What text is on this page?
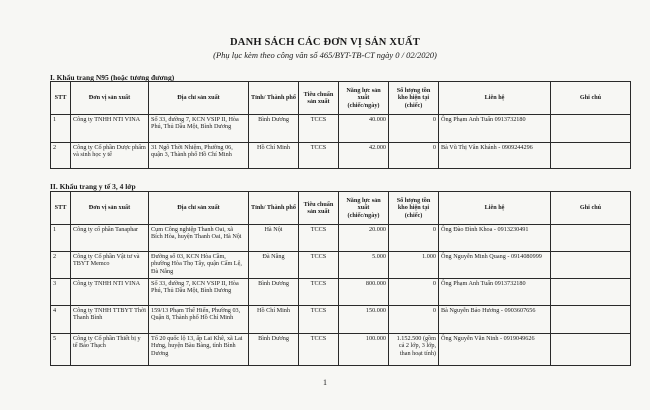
DANH SÁCH CÁC ĐƠN VỊ SẢN XUẤT
(Phụ lục kèm theo công văn số 465/BYT-TB-CT ngày 0 / 02/2020)
I. Khẩu trang N95 (hoặc tương đương)
STT	Đơn vị sản xuất	Địa chỉ sản xuất	Tỉnh/ Thành phố	Tiêu chuẩn sản xuất	Năng lực sản xuất (chiếc/ngày)	Số lượng tồn kho hiện tại (chiếc)	Liên hệ	Ghi chú
1	Công ty TNHH NTI VINA	Số 33, đường 7, KCN VSIP II, Hòa Phú, Thủ Dầu Một, Bình Dương	Bình Dương	TCCS	40.000	0	Ông Phạm Anh Tuấn 0913732180	
2	Công ty Cổ phần Dược phẩm và sinh học y tế	31 Ngô Thời Nhiệm, Phường 06, quận 3, Thành phố Hồ Chí Minh	Hồ Chí Minh	TCCS	42.000	0	Bà Vũ Thị Vân Khánh - 0909244296	
II. Khẩu trang y tế 3, 4 lớp
STT	Đơn vị sản xuất	Địa chỉ sản xuất	Tỉnh/ Thành phố	Tiêu chuẩn sản xuất	Năng lực sản xuất (chiếc/ngày)	Số lượng tồn kho hiện tại (chiếc)	Liên hệ	Ghi chú
1	Công ty cổ phần Tanaphar	Cụm Công nghiệp Thanh Oai, xã Bích Hòa, huyện Thanh Oai, Hà Nội	Hà Nội	TCCS	20.000	0	Ông Đào Đình Khoa - 0913230491	
2	Công ty Cổ phần Vật tư và TBYT Memco	Đường số 03, KCN Hòa Cầm, phường Hòa Thọ Tây, quận Cẩm Lệ, Đà Nẵng	Đà Nẵng	TCCS	5.000	1.000	Ông Nguyễn Minh Quang - 0914080999	
3	Công ty TNHH NTI VINA	Số 33, đường 7, KCN VSIP II, Hòa Phú, Thủ Dầu Một, Bình Dương	Bình Dương	TCCS	800.000	0	Ông Phạm Anh Tuấn 0913732180	
4	Công ty TNHH TTBYT Thời Thanh Bình	159/13 Phạm Thế Hiển, Phường 03, Quận 8, Thành phố Hồ Chí Minh	Hồ Chí Minh	TCCS	150.000	0	Bà Nguyễn Bảo Hương - 0903607656	
5	Công ty Cổ phần Thiết bị y tế Bảo Thạch	Tổ 20 quốc lộ 13, ấp Lai Khê, xã Lai Hưng, huyện Bàu Bàng, tỉnh Bình Dương	Bình Dương	TCCS	100.000	1.152.500 (gồm cả 2 lớp, 3 lớp, than hoạt tính)	Ông Nguyễn Văn Ninh - 0919049626	
1
